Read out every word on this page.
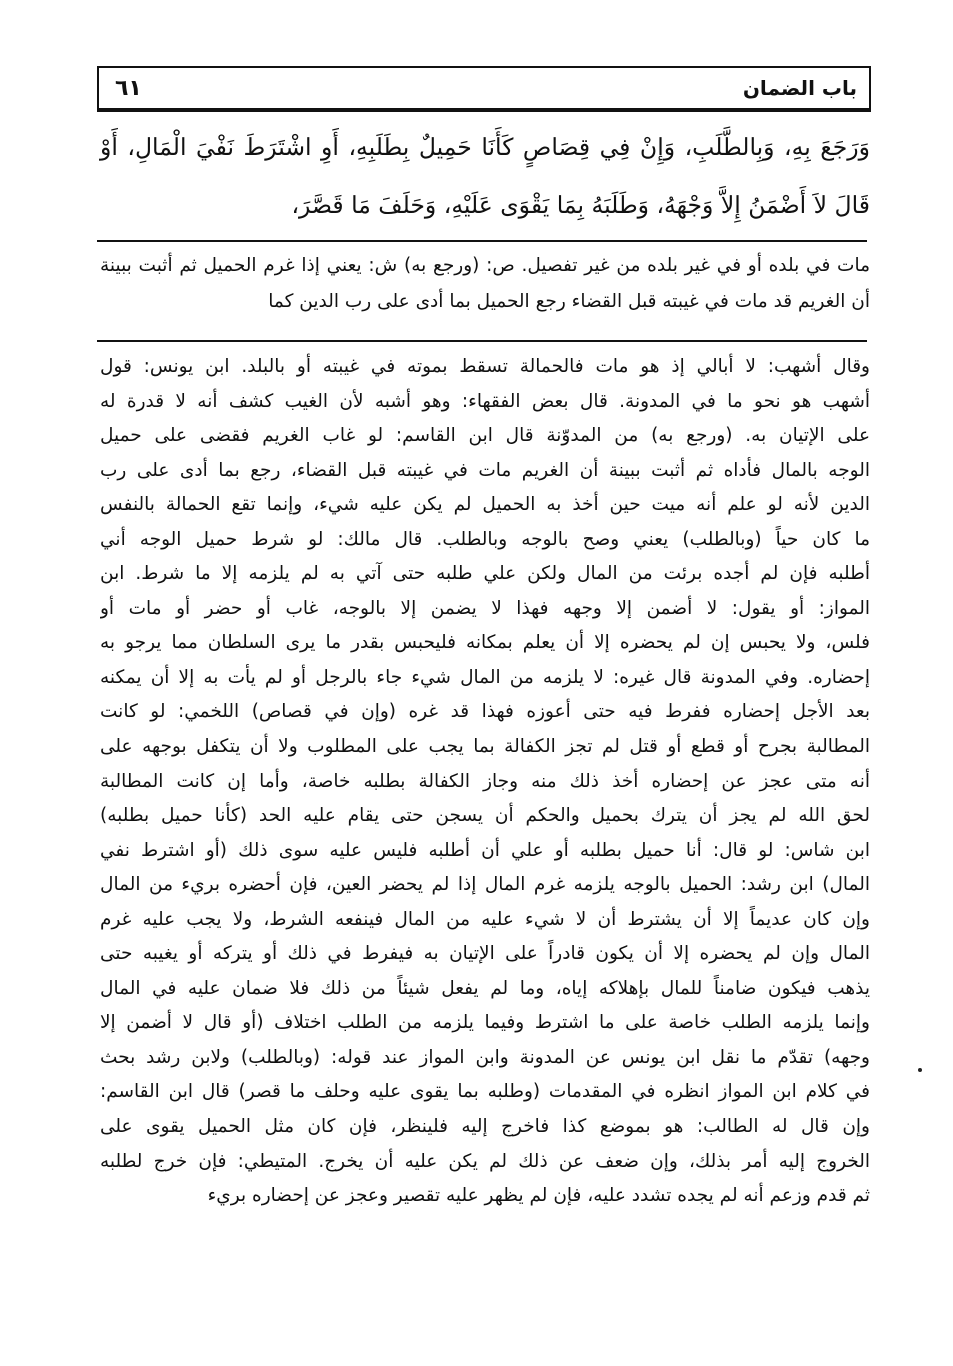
باب الضمان
٦١
وَرَجَعَ بِهِ، وَبِالطَّلَبِ، وَإِنْ فِي قِصَاصٍ كَأَنَا حَمِيلٌ بِطَلَبِهِ، أَوِ اشْتَرَطَ نَفْيَ الْمَالِ، أَوْ قَالَ لاَ أَضْمَنُ إِلاَّ وَجْهَهُ، وَطَلَبَهُ بِمَا يَقْوَى عَلَيْهِ، وَحَلَفَ مَا قَصَّرَ،
مات في بلده أو في غير بلده من غير تفصيل. ص: (ورجع به) ش: يعني إذا غرم الحميل ثم أثبت ببينة أن الغريم قد مات في غيبته قبل القضاء رجع الحميل بما أدى على رب الدين كما
وقال أشهب: لا أبالي إذ هو مات فالحمالة تسقط بموته في غيبته أو بالبلد. ابن يونس: قول
أشهب هو نحو ما في المدونة. قال بعض الفقهاء: وهو أشبه لأن الغيب كشف أنه لا قدرة له
على الإتيان به. (ورجع به) من المدوّنة قال ابن القاسم: لو غاب الغريم فقضى على حميل
الوجه بالمال فأداه ثم أثبت ببينة أن الغريم مات في غيبته قبل القضاء، رجع بما أدى على رب
الدين لأنه لو علم أنه ميت حين أخذ به الحميل لم يكن عليه شيء، وإنما تقع الحمالة بالنفس
ما كان حياً (وبالطلب) يعني وصح بالوجه وبالطلب. قال مالك: لو شرط حميل الوجه أني
أطلبه فإن لم أجده برئت من المال ولكن علي طلبه حتى آتي به لم يلزمه إلا ما شرط. ابن
المواز: أو يقول: لا أضمن إلا وجهه فهذا لا يضمن إلا بالوجه، غاب أو حضر أو مات أو
فلس، ولا يحبس إن لم يحضره إلا أن يعلم بمكانه فليحبس بقدر ما يرى السلطان مما يرجو به
إحضاره. وفي المدونة قال غيره: لا يلزمه من المال شيء جاء بالرجل أو لم يأت به إلا أن يمكنه
بعد الأجل إحضاره ففرط فيه حتى أعوزه فهذا قد غره (وإن في قصاص) اللخمي: لو كانت
المطالبة بجرح أو قطع أو قتل لم تجز الكفالة بما يجب على المطلوب ولا أن يتكفل بوجهه على
أنه متى عجز عن إحضاره أخذ ذلك منه وجاز الكفالة بطلبه خاصة، وأما إن كانت المطالبة
لحق الله لم يجز أن يترك بحميل والحكم أن يسجن حتى يقام عليه الحد (كأنا حميل بطلبه)
ابن شاس: لو قال: أنا حميل بطلبه أو علي أن أطلبه فليس عليه سوى ذلك (أو اشترط نفي
المال) ابن رشد: الحميل بالوجه يلزمه غرم المال إذا لم يحضر العين، فإن أحضره بريء من المال
وإن كان عديماً إلا أن يشترط أن لا شيء عليه من المال فينفعه الشرط، ولا يجب عليه غرم
المال وإن لم يحضره إلا أن يكون قادراً على الإتيان به فيفرط في ذلك أو يتركه أو يغيبه حتى
يذهب فيكون ضامناً للمال بإهلاكه إياه، وما لم يفعل شيئاً من ذلك فلا ضمان عليه في المال
وإنما يلزمه الطلب خاصة على ما اشترط وفيما يلزمه من الطلب اختلاف (أو قال لا أضمن إلا
وجهه) تقدّم ما نقل ابن يونس عن المدونة وابن المواز عند قوله: (وبالطلب) ولابن رشد بحث
في كلام ابن المواز انظره في المقدمات (وطلبه بما يقوى عليه وحلف ما قصر) قال ابن القاسم:
وإن قال له الطالب: هو بموضع كذا فاخرج إليه فلينظر، فإن كان مثل الحميل يقوى على
الخروج إليه أمر بذلك، وإن ضعف عن ذلك لم يكن عليه أن يخرج. المتيطي: فإن خرج لطلبه
ثم قدم وزعم أنه لم يجده تشدد عليه، فإن لم يظهر عليه تقصير وعجز عن إحضاره بريء
